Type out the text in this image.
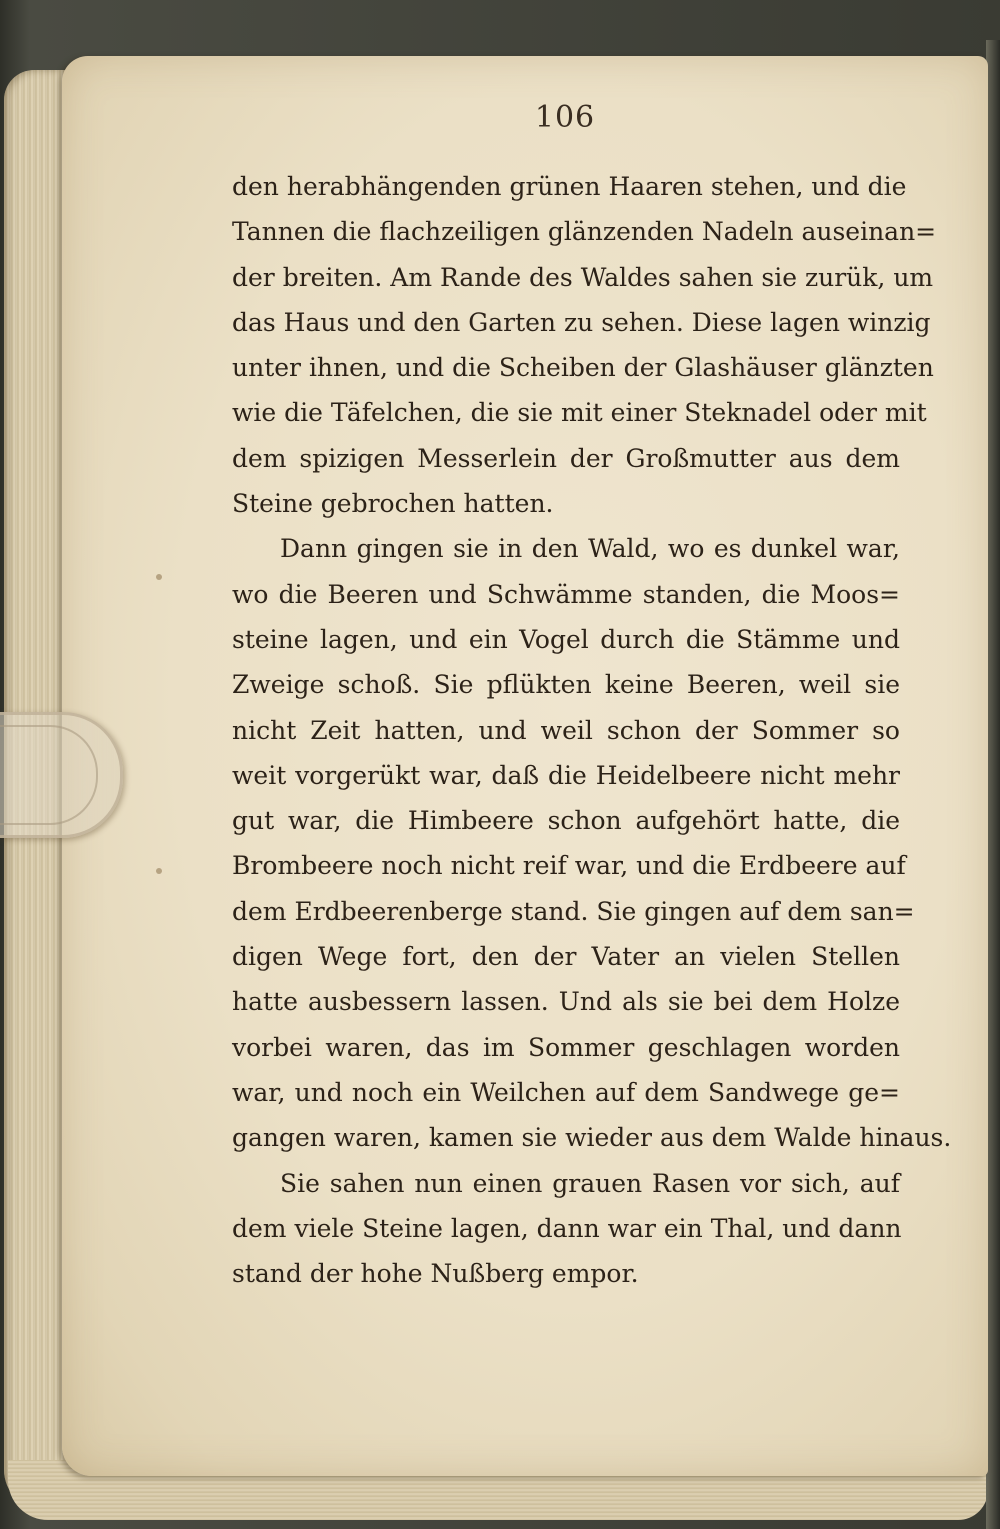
106
den herabhängenden grünen Haaren stehen, und die
Tannen die flachzeiligen glänzenden Nadeln auseinan=
der breiten. Am Rande des Waldes sahen sie zurük, um
das Haus und den Garten zu sehen. Diese lagen winzig
unter ihnen, und die Scheiben der Glashäuser glänzten
wie die Täfelchen, die sie mit einer Steknadel oder mit
dem spizigen Messerlein der Großmutter aus dem
Steine gebrochen hatten.
Dann gingen sie in den Wald, wo es dunkel war,
wo die Beeren und Schwämme standen, die Moos=
steine lagen, und ein Vogel durch die Stämme und
Zweige schoß. Sie pflükten keine Beeren, weil sie
nicht Zeit hatten, und weil schon der Sommer so
weit vorgerükt war, daß die Heidelbeere nicht mehr
gut war, die Himbeere schon aufgehört hatte, die
Brombeere noch nicht reif war, und die Erdbeere auf
dem Erdbeerenberge stand. Sie gingen auf dem san=
digen Wege fort, den der Vater an vielen Stellen
hatte ausbessern lassen. Und als sie bei dem Holze
vorbei waren, das im Sommer geschlagen worden
war, und noch ein Weilchen auf dem Sandwege ge=
gangen waren, kamen sie wieder aus dem Walde hinaus.
Sie sahen nun einen grauen Rasen vor sich, auf
dem viele Steine lagen, dann war ein Thal, und dann
stand der hohe Nußberg empor.
